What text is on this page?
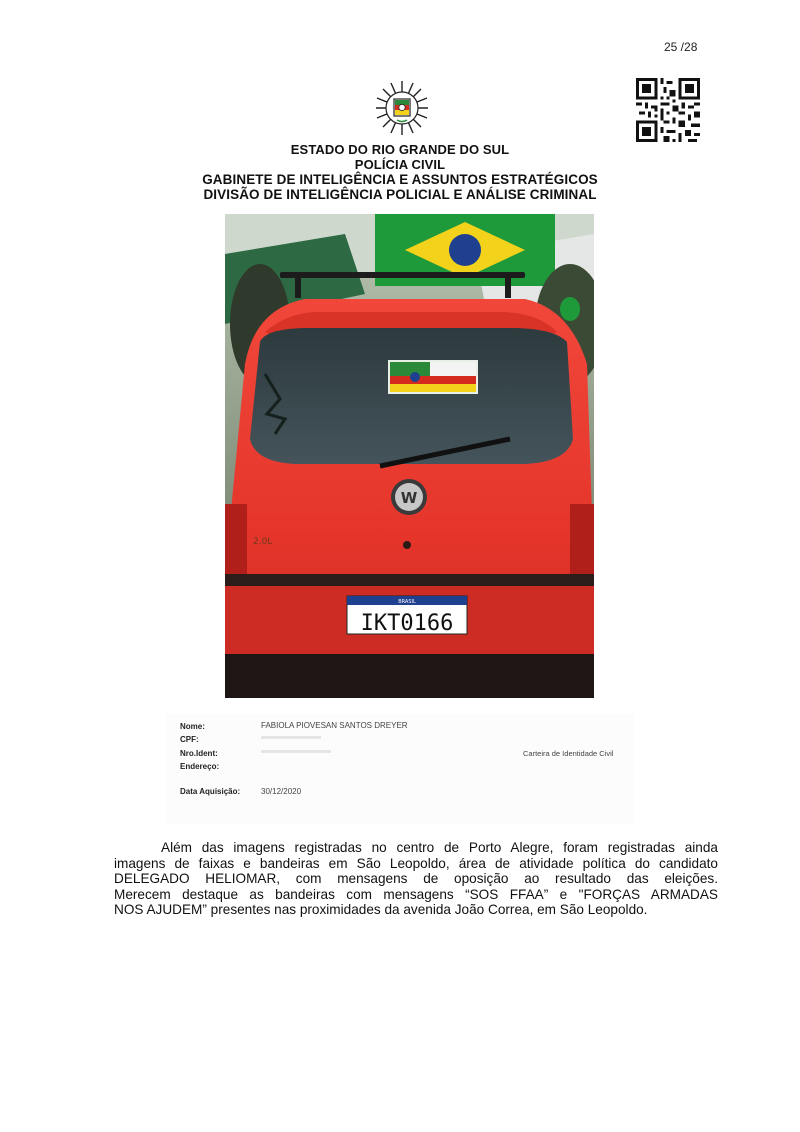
25 /28
ESTADO DO RIO GRANDE DO SUL
POLÍCIA CIVIL
GABINETE DE INTELIGÊNCIA E ASSUNTOS ESTRATÉGICOS
DIVISÃO DE INTELIGÊNCIA POLICIAL E ANÁLISE CRIMINAL
W
2.0L
BRASIL
IKT0166
Nome:	FABIOLA PIOVESAN SANTOS DREYER
CPF:
Nro.Ident:	Carteira de Identidade Civil
Endereço:
Data Aquisição:	30/12/2020
Além das imagens registradas no centro de Porto Alegre, foram registradas ainda
imagens de faixas e bandeiras em São Leopoldo, área de atividade política do candidato
DELEGADO HELIOMAR, com mensagens de oposição ao resultado das eleições.
Merecem destaque as bandeiras com mensagens “SOS FFAA” e "FORÇAS ARMADAS
NOS AJUDEM” presentes nas proximidades da avenida João Correa, em São Leopoldo.
